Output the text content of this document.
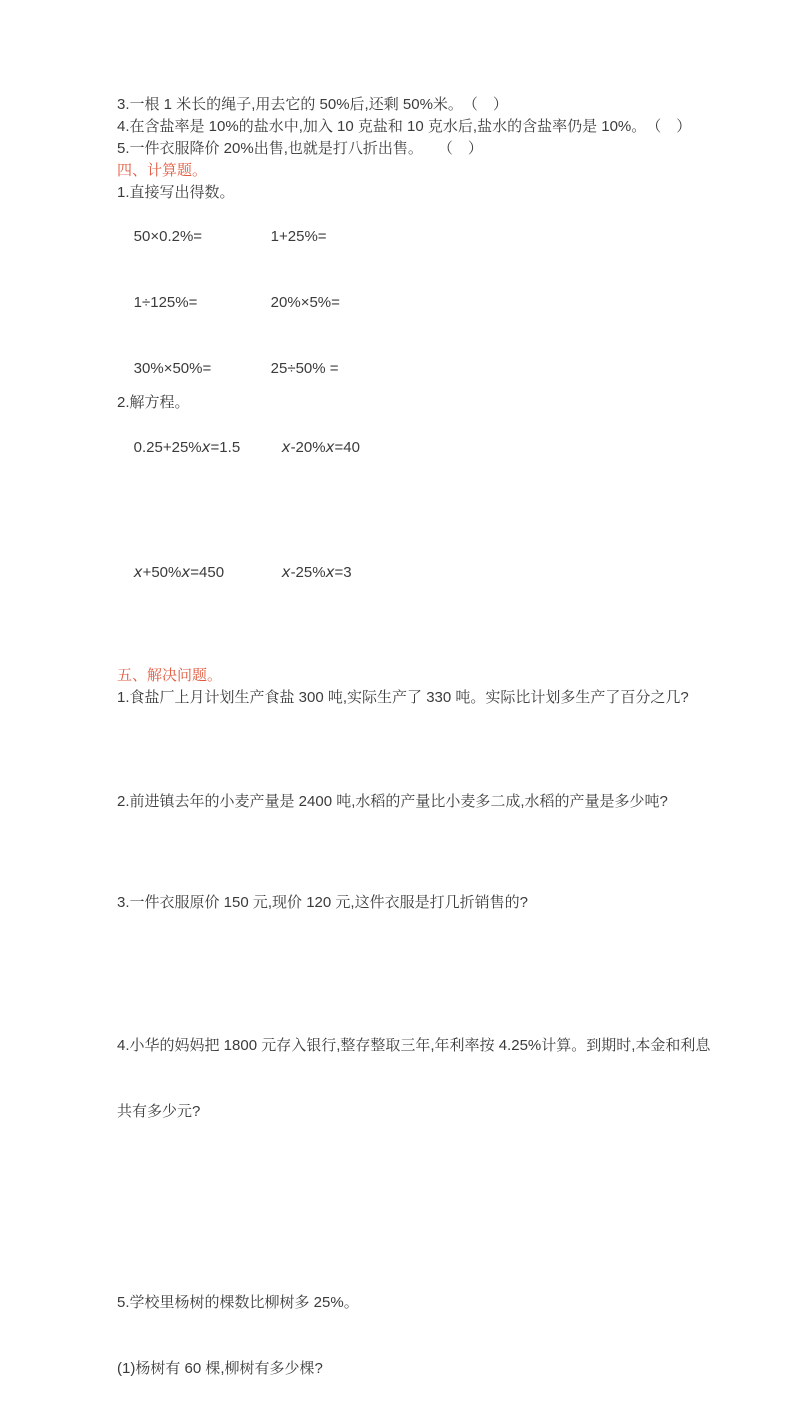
3.一根 1 米长的绳子,用去它的 50%后,还剩 50%米。　（　）

4.在含盐率是 10%的盐水中,加入 10 克盐和 10 克水后,盐水的含盐率仍是 10%。　（　）

5.一件衣服降价 20%出售,也就是打八折出售。　　（　）

四、计算题。

1.直接写出得数。

50×0.2%=	1+25%=

1÷125%=	20%×5%=

30%×50%=	25÷50% =

2.解方程。

0.25+25%x=1.5	x-20%x=40

x+50%x=450	x-25%x=3

五、解决问题。

1.食盐厂上月计划生产食盐 300 吨,实际生产了 330 吨。实际比计划多生产了百分之几?

2.前进镇去年的小麦产量是 2400 吨,水稻的产量比小麦多二成,水稻的产量是多少吨?

3.一件衣服原价 150 元,现价 120 元,这件衣服是打几折销售的?

4.小华的妈妈把 1800 元存入银行,整存整取三年,年利率按 4.25%计算。到期时,本金和利息

共有多少元?

5.学校里杨树的棵数比柳树多 25%。

(1)杨树有 60 棵,柳树有多少棵?
